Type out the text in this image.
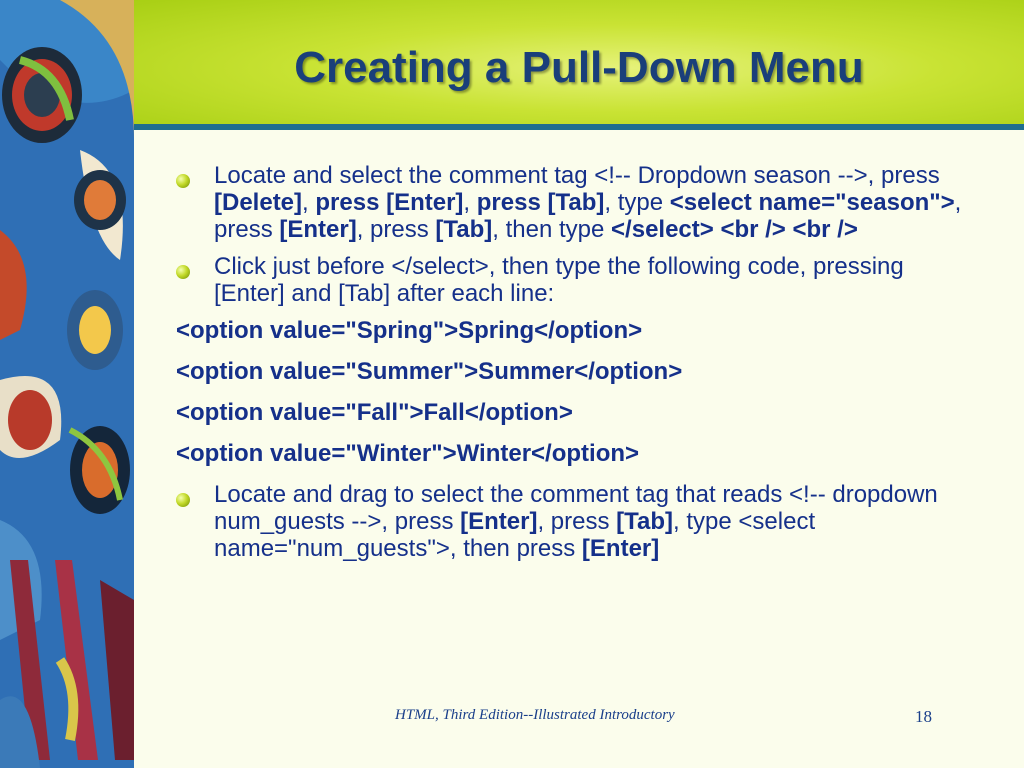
Creating a Pull-Down Menu
Locate and select the comment tag <!-- Dropdown season -->, press [Delete], press [Enter], press [Tab], type <select name="season">, press [Enter], press [Tab], then type </select> <br /> <br />
Click just before </select>, then type the following code, pressing [Enter] and [Tab] after each line:
<option value="Spring">Spring</option>
<option value="Summer">Summer</option>
<option value="Fall">Fall</option>
<option value="Winter">Winter</option>
Locate and drag to select the comment tag that reads <!-- dropdown num_guests -->, press [Enter], press [Tab], type <select name="num_guests">, then press [Enter]
HTML, Third Edition--Illustrated Introductory	18
